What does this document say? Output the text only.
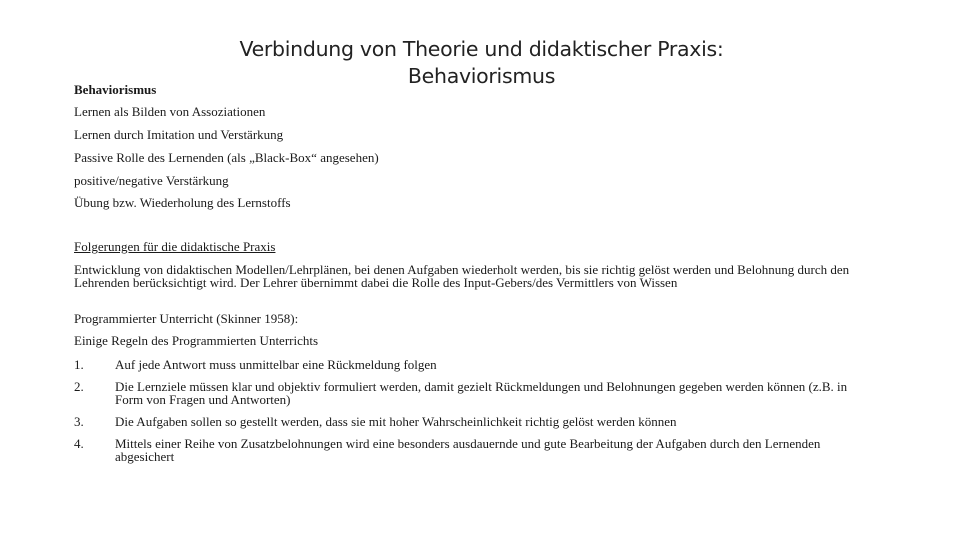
Verbindung von Theorie und didaktischer Praxis:
Behaviorismus
Behaviorismus
Lernen als Bilden von Assoziationen
Lernen durch Imitation und Verstärkung
Passive Rolle des Lernenden (als „Black-Box“ angesehen)
positive/negative Verstärkung
Übung bzw. Wiederholung des Lernstoffs
Folgerungen für die didaktische Praxis
Entwicklung von didaktischen Modellen/Lehrplänen, bei denen Aufgaben wiederholt werden, bis sie richtig gelöst werden und Belohnung durch den Lehrenden berücksichtigt wird. Der Lehrer übernimmt dabei die Rolle des Input-Gebers/des Vermittlers von Wissen
Programmierter Unterricht (Skinner 1958):
Einige Regeln des Programmierten Unterrichts
1. Auf jede Antwort muss unmittelbar eine Rückmeldung folgen
2. Die Lernziele müssen klar und objektiv formuliert werden, damit gezielt Rückmeldungen und Belohnungen gegeben werden können (z.B. in Form von Fragen und Antworten)
3. Die Aufgaben sollen so gestellt werden, dass sie mit hoher Wahrscheinlichkeit richtig gelöst werden können
4. Mittels einer Reihe von Zusatzbelohnungen wird eine besonders ausdauernde und gute Bearbeitung der Aufgaben durch den Lernenden abgesichert
